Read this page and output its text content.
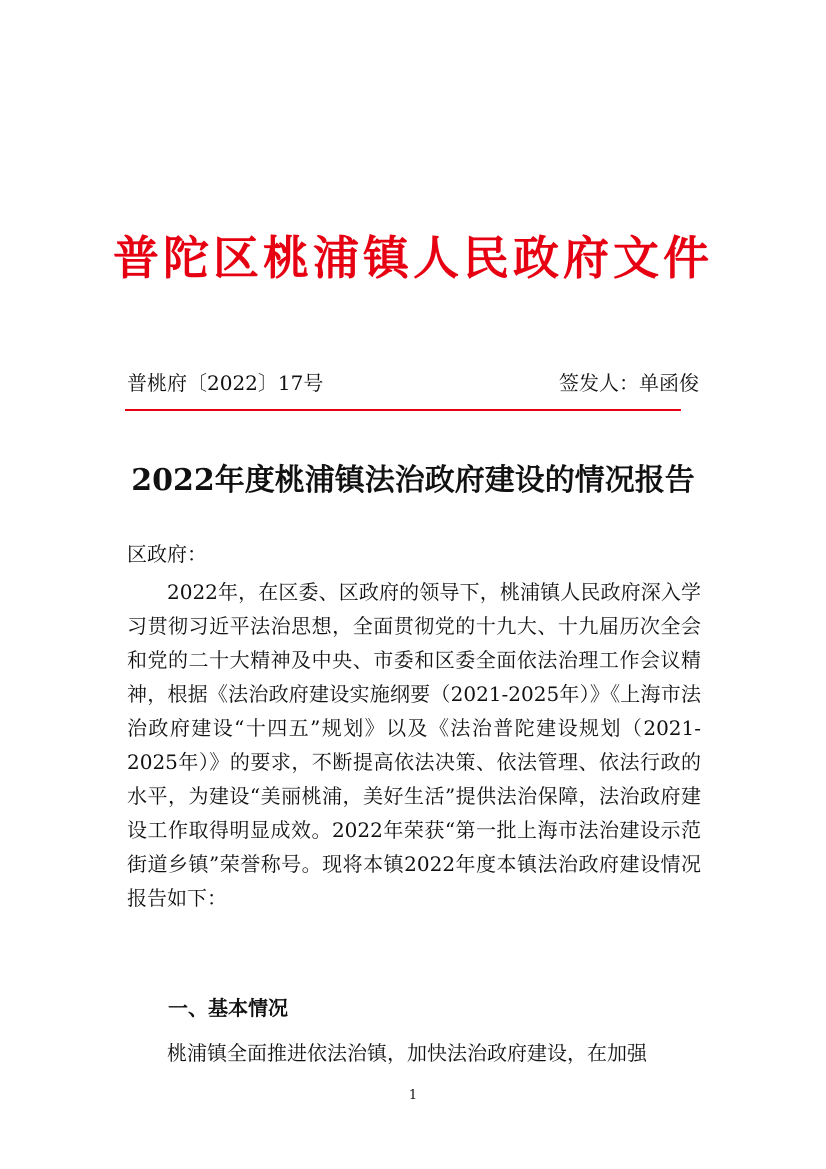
普陀区桃浦镇人民政府文件
普桃府〔2022〕17号	签发人：单函俊
2022年度桃浦镇法治政府建设的情况报告
区政府：

2022年，在区委、区政府的领导下，桃浦镇人民政府深入学习贯彻习近平法治思想，全面贯彻党的十九大、十九届历次全会和党的二十大精神及中央、市委和区委全面依法治理工作会议精神，根据《法治政府建设实施纲要（2021-2025年）》《上海市法治政府建设“十四五”规划》以及《法治普陀建设规划（2021-2025年）》的要求，不断提高依法决策、依法管理、依法行政的水平，为建设“美丽桃浦，美好生活”提供法治保障，法治政府建设工作取得明显成效。2022年荣获“第一批上海市法治建设示范街道乡镇”荣誉称号。现将本镇2022年度本镇法治政府建设情况报告如下：

一、基本情况

桃浦镇全面推进依法治镇，加快法治政府建设，在加强

1
